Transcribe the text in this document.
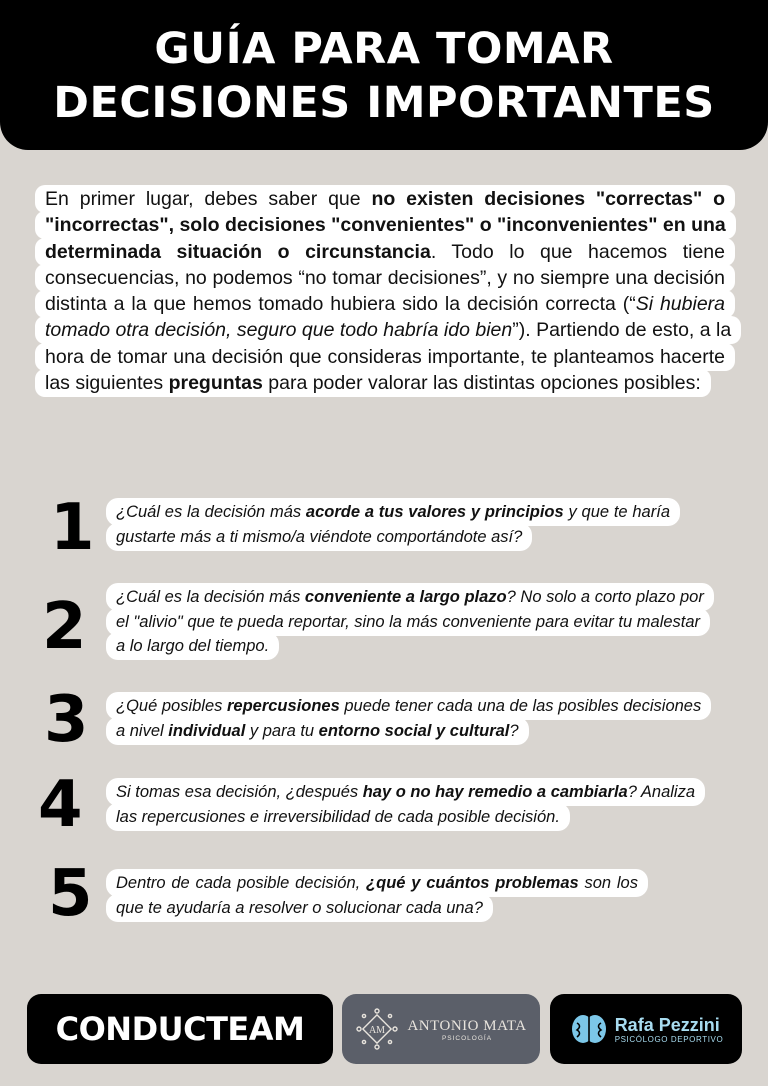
GUÍA PARA TOMAR
DECISIONES IMPORTANTES
En primer lugar, debes saber que no existen decisiones "correctas" o "incorrectas", solo decisiones "convenientes" o "inconvenientes" en una determinada situación o circunstancia. Todo lo que hacemos tiene consecuencias, no podemos “no tomar decisiones”, y no siempre una decisión distinta a la que hemos tomado hubiera sido la decisión correcta (“Si hubiera tomado otra decisión, seguro que todo habría ido bien”). Partiendo de esto, a la hora de tomar una decisión que consideras importante, te planteamos hacerte las siguientes preguntas para poder valorar las distintas opciones posibles:
1	¿Cuál es la decisión más acorde a tus valores y principios y que te haría gustarte más a ti mismo/a viéndote comportándote así?
2	¿Cuál es la decisión más conveniente a largo plazo? No solo a corto plazo por el "alivio" que te pueda reportar, sino la más conveniente para evitar tu malestar a lo largo del tiempo.
3	¿Qué posibles repercusiones puede tener cada una de las posibles decisiones a nivel individual y para tu entorno social y cultural?
4	Si tomas esa decisión, ¿después hay o no hay remedio a cambiarla? Analiza las repercusiones e irreversibilidad de cada posible decisión.
5	Dentro de cada posible decisión, ¿qué y cuántos problemas son los que te ayudaría a resolver o solucionar cada una?
CONDUCTEAM	AM ANTONIO MATA
PSICOLOGÍA
Rafa Pezzini
PSICÓLOGO DEPORTIVO
